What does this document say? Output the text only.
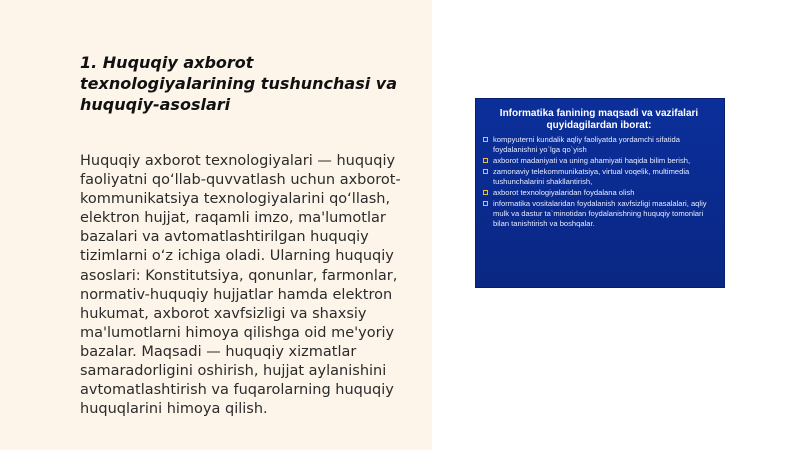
1. Huquqiy axborot texnologiyalarining tushunchasi va huquqiy-asoslari

Huquqiy axborot texnologiyalari — huquqiy faoliyatni qo‘llab-quvvatlash uchun axborot-kommunikatsiya texnologiyalarini qo‘llash, elektron hujjat, raqamli imzo, ma'lumotlar bazalari va avtomatlashtirilgan huquqiy tizimlarni o‘z ichiga oladi. Ularning huquqiy asoslari: Konstitutsiya, qonunlar, farmonlar, normativ-huquqiy hujjatlar hamda elektron hukumat, axborot xavfsizligi va shaxsiy ma'lumotlarni himoya qilishga oid me'yoriy bazalar. Maqsadi — huquqiy xizmatlar samaradorligini oshirish, hujjat aylanishini avtomatlashtirish va fuqarolarning huquqiy huquqlarini himoya qilish.

Informatika fanining maqsadi va vazifalari quyidagilardan iborat:
kompyuterni kundalik aqliy faoliyatda yordamchi sifatida foydalanishni yo`lga qo`yish
axborot madaniyati va uning ahamiyati haqida bilim berish,
zamonaviy telekommunikatsiya, virtual voqelik, multimedia tushunchalarini shakllantirish,
axborot texnologiyalaridan foydalana olish
informatika vositalaridan foydalanish xavfsizligi masalalari, aqliy mulk va dastur ta`minotidan foydalanishning huquqiy tomonlari bilan tanishtirish va boshqalar.
